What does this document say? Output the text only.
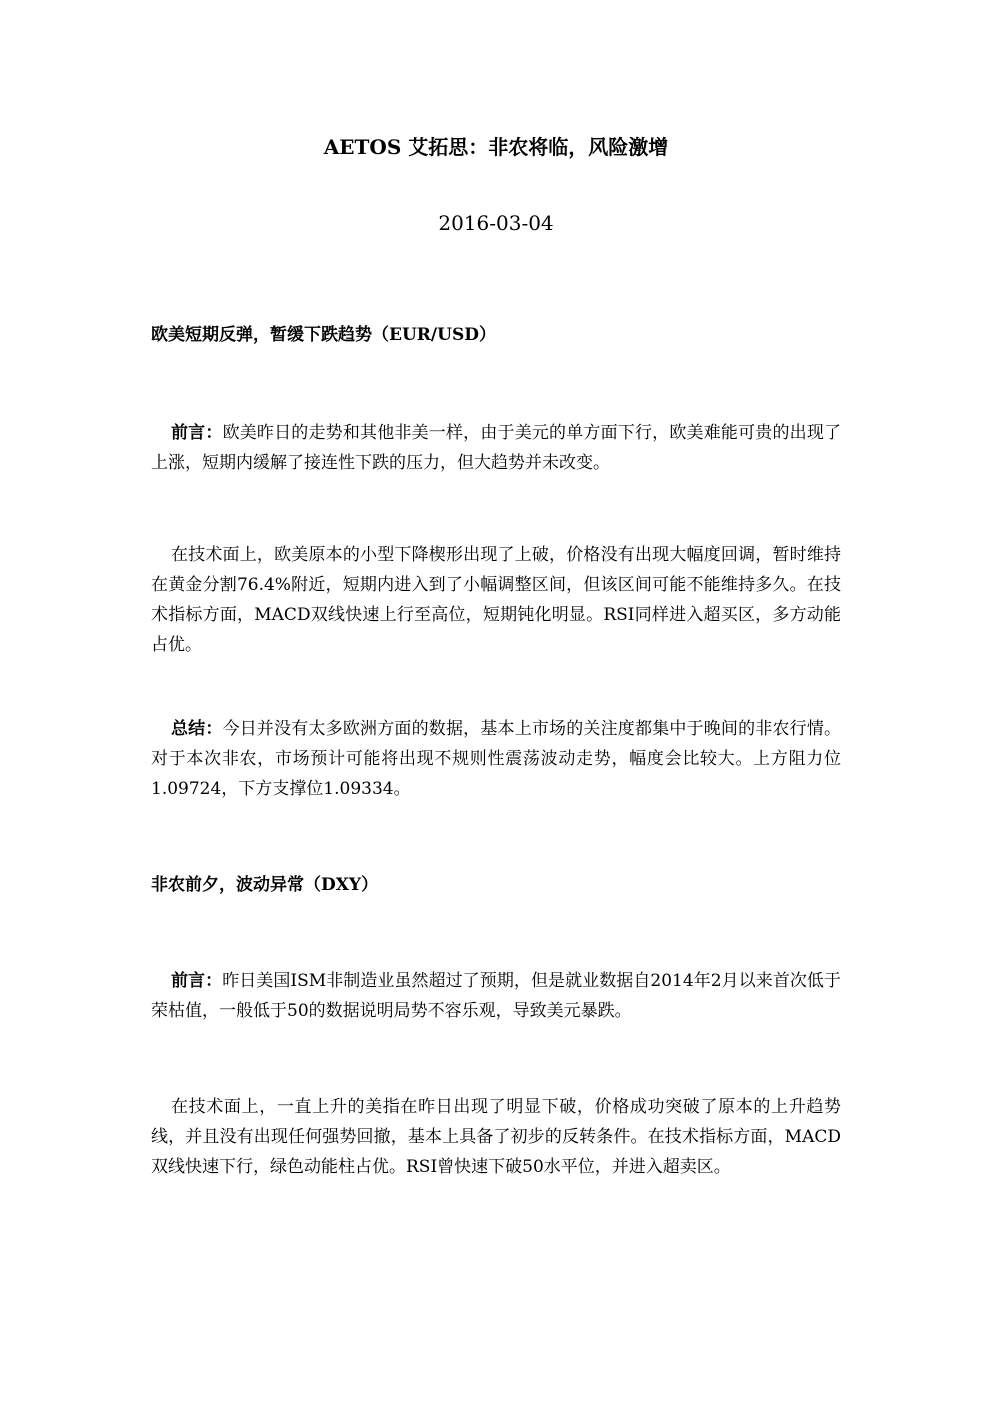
AETOS 艾拓思：非农将临，风险激增
2016-03-04
欧美短期反弹，暂缓下跌趋势（EUR/USD）
前言：欧美昨日的走势和其他非美一样，由于美元的单方面下行，欧美难能可贵的出现了上涨，短期内缓解了接连性下跌的压力，但大趋势并未改变。
在技术面上，欧美原本的小型下降楔形出现了上破，价格没有出现大幅度回调，暂时维持在黄金分割76.4%附近，短期内进入到了小幅调整区间，但该区间可能不能维持多久。在技术指标方面，MACD双线快速上行至高位，短期钝化明显。RSI同样进入超买区，多方动能占优。
总结：今日并没有太多欧洲方面的数据，基本上市场的关注度都集中于晚间的非农行情。对于本次非农，市场预计可能将出现不规则性震荡波动走势，幅度会比较大。上方阻力位1.09724，下方支撑位1.09334。
非农前夕，波动异常（DXY）
前言：昨日美国ISM非制造业虽然超过了预期，但是就业数据自2014年2月以来首次低于荣枯值，一般低于50的数据说明局势不容乐观，导致美元暴跌。
在技术面上，一直上升的美指在昨日出现了明显下破，价格成功突破了原本的上升趋势线，并且没有出现任何强势回撤，基本上具备了初步的反转条件。在技术指标方面，MACD双线快速下行，绿色动能柱占优。RSI曾快速下破50水平位，并进入超卖区。
